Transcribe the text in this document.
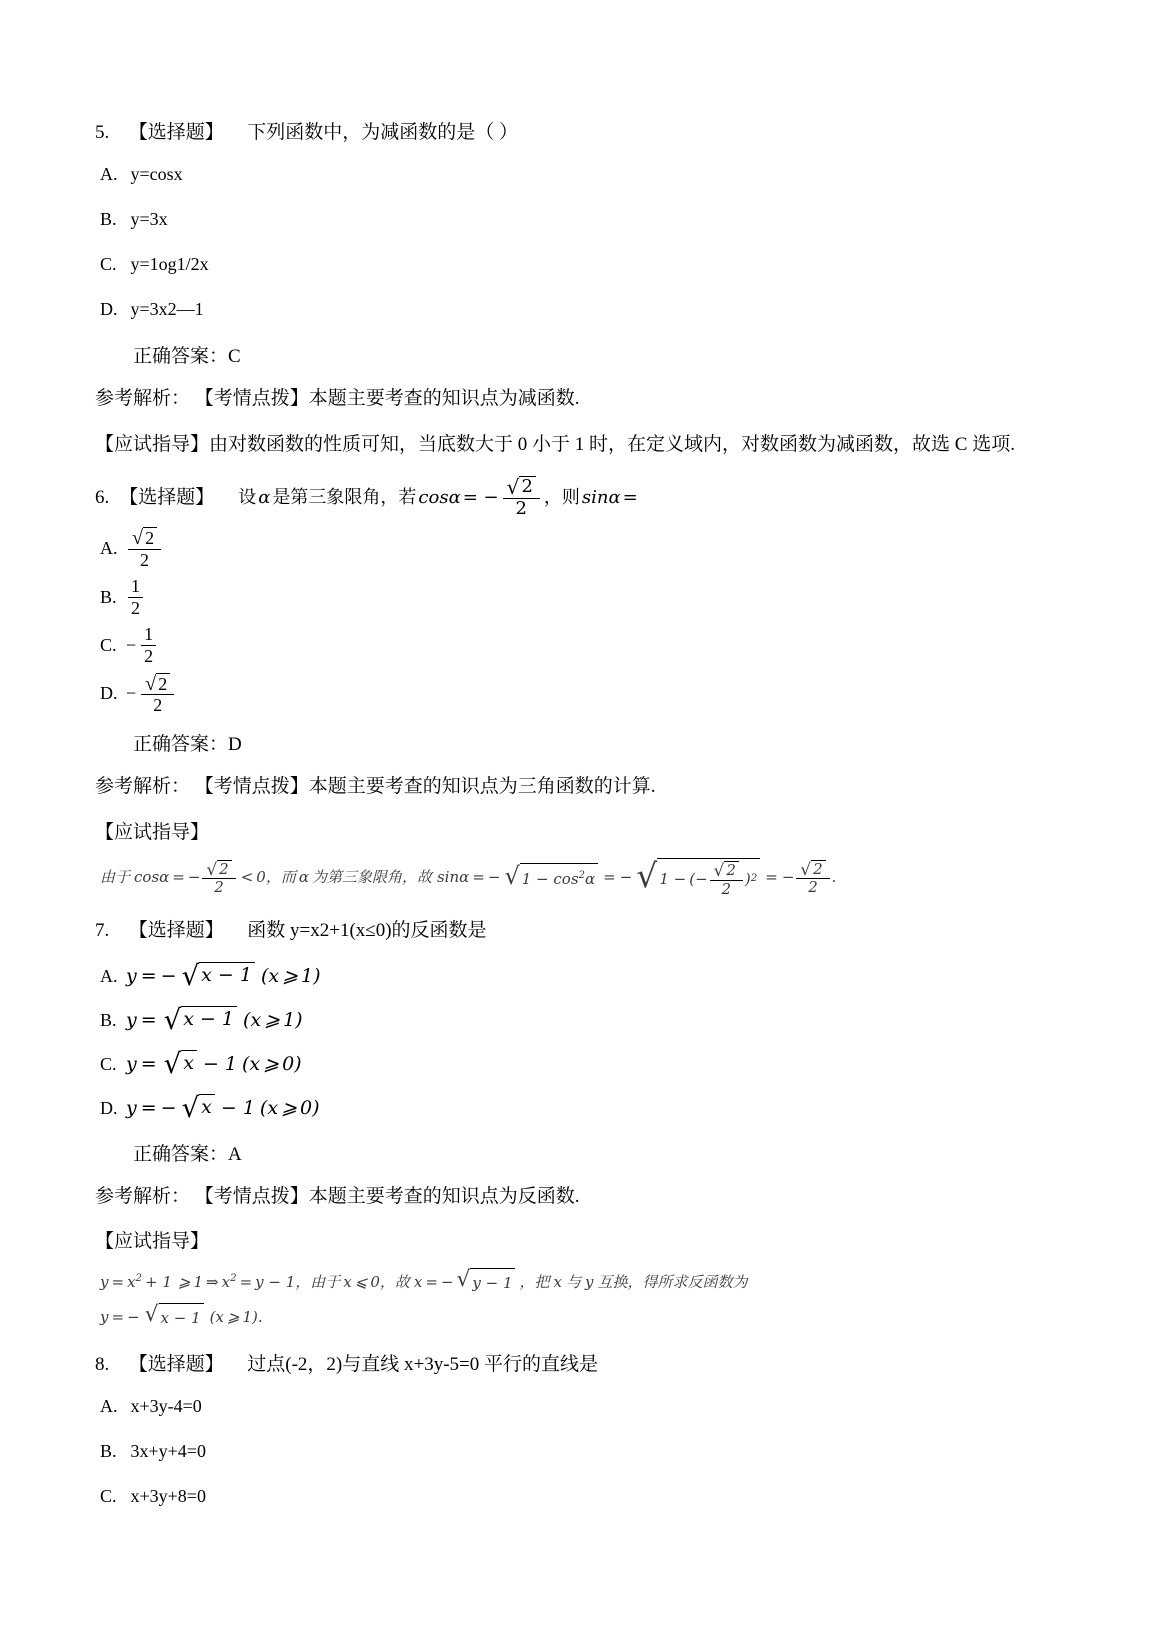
5. 【选择题】 下列函数中，为减函数的是（ ）
A. y=cosx
B. y=3x
C. y=1og1/2x
D. y=3x2—1
正确答案：C
参考解析： 【考情点拨】本题主要考查的知识点为减函数.
【应试指导】由对数函数的性质可知，当底数大于 0 小于 1 时，在定义域内，对数函数为减函数，故选 C 选项.
6. 【选择题】 设 α 是第三象限角，若 cosα = − $\frac{√ 2}{2}$ ，则 sinα =
A. $\frac{√ 2}{2}$
B. $\frac{1}{2}$
C. − $\frac{1}{2}$
D. − $\frac{√ 2}{2}$
正确答案：D
参考解析： 【考情点拨】本题主要考查的知识点为三角函数的计算.
【应试指导】
由于 cos α = − $\frac{√ 2}{2} < 0$，而 α 为第三象限角，故 sin α = − √ $1 - \cos^2\alpha$ = − √ 1 − ( − $\frac{√ 2}{2}$ ) 2 = − $\frac{√ 2}{2}$ .
7. 【选择题】 函数 y=x2+1(x≤0)的反函数是
A. y = − √ x − 1 ( x ⩾ 1)
B. y = √ x − 1 ( x ⩾ 1)
C. y = √ x − 1 ( x ⩾ 0)
D. y = − √ x − 1 ( x ⩾ 0)
正确答案：A
参考解析： 【考情点拨】本题主要考查的知识点为反函数.
【应试指导】
$y = x^2 + 1$ ⩾ 1 ⇒ $x^2 = y - 1$ ，由于 x ⩽ 0，故 x = − √ y − 1 ，把 x 与 y 互换，得所求反函数为
y = − √ x − 1 ( x ⩾ 1).
8. 【选择题】 过点(-2，2)与直线 x+3y-5=0 平行的直线是
A. x+3y-4=0
B. 3x+y+4=0
C. x+3y+8=0
